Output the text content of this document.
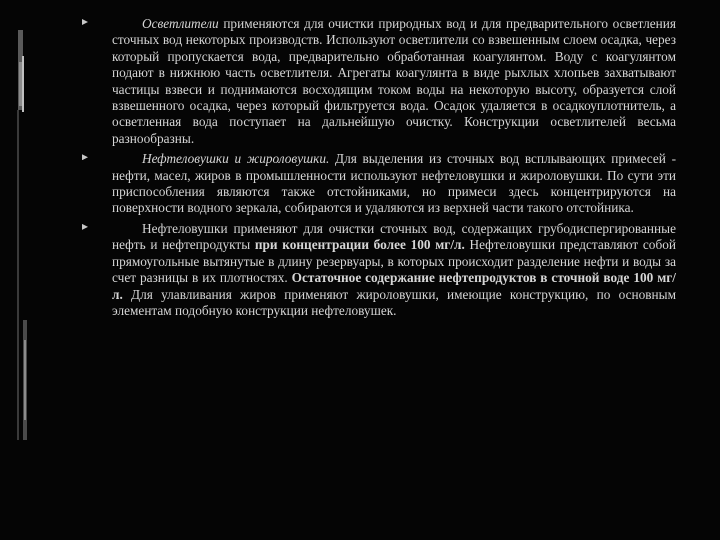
Осветлители применяются для очистки природных вод и для предварительного осветления сточных вод некоторых производств. Используют осветлители со взвешенным слоем осадка, через который пропускается вода, предварительно обработанная коагулянтом. Воду с коагулянтом подают в нижнюю часть осветлителя. Агрегаты коагулянта в виде рыхлых хлопьев захватывают частицы взвеси и поднимаются восходящим током воды на некоторую высоту, образуется слой взвешенного осадка, через который фильтруется вода. Осадок удаляется в осадкоуплотнитель, а осветленная вода поступает на дальнейшую очистку. Конструкции осветлителей весьма разнообразны.
Нефтеловушки и жироловушки. Для выделения из сточных вод всплывающих примесей - нефти, масел, жиров в промышленности используют нефтеловушки и жироловушки. По сути эти приспособления являются также отстойниками, но примеси здесь концентрируются на поверхности водного зеркала, собираются и удаляются из верхней части такого отстойника.
Нефтеловушки применяют для очистки сточных вод, содержащих грубодиспергированные нефть и нефтепродукты при концентрации более 100 мг/л. Нефтеловушки представляют собой прямоугольные вытянутые в длину резервуары, в которых происходит разделение нефти и воды за счет разницы в их плотностях. Остаточное содержание нефтепродуктов в сточной воде 100 мг/л. Для улавливания жиров применяют жироловушки, имеющие конструкцию, по основным элементам подобную конструкции нефтеловушек.
